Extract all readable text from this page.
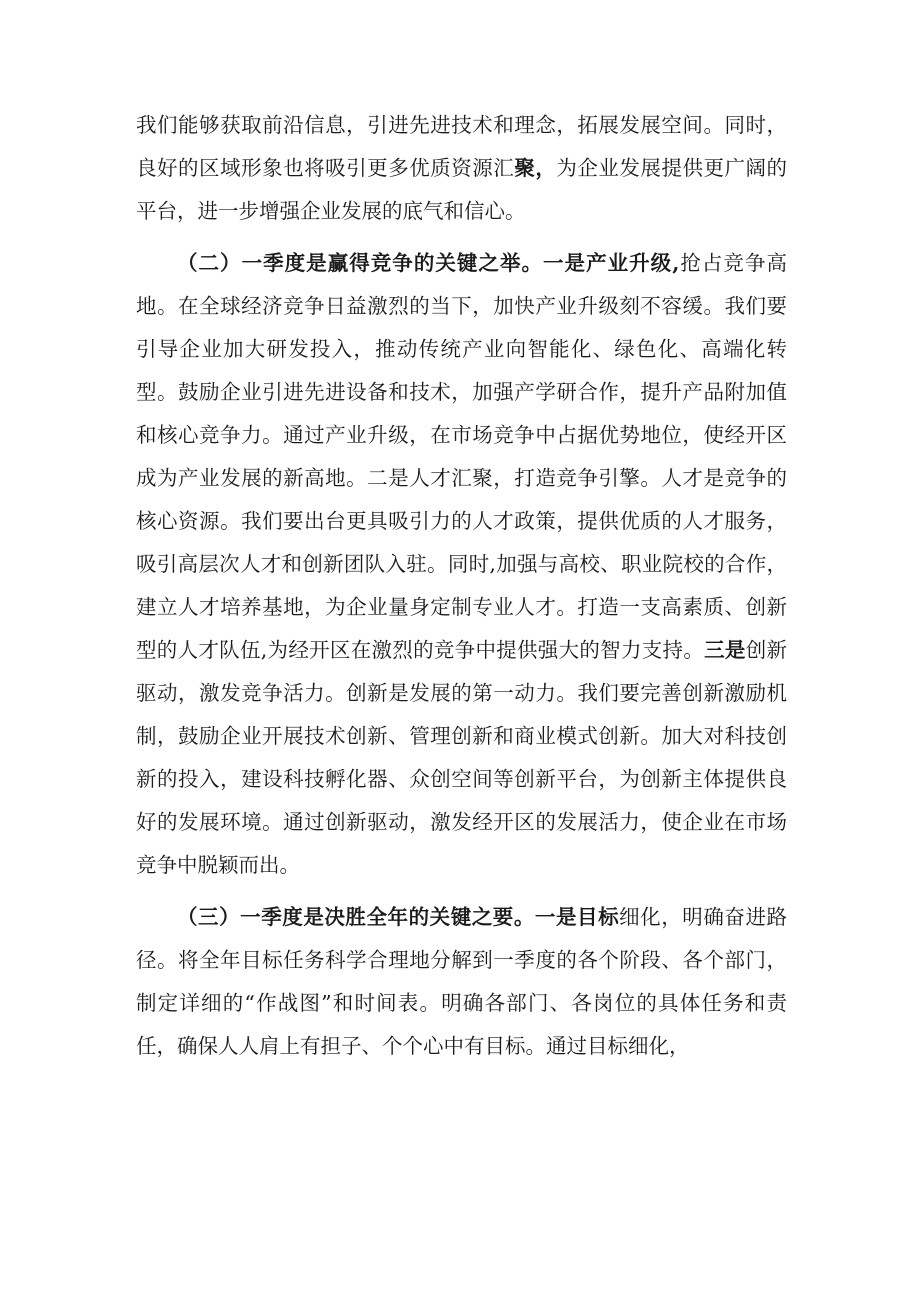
我们能够获取前沿信息，引进先进技术和理念，拓展发展空间。同时，良好的区域形象也将吸引更多优质资源汇聚，为企业发展提供更广阔的平台，进一步增强企业发展的底气和信心。

（二）一季度是赢得竞争的关键之举。一是产业升级,抢占竞争高地。在全球经济竞争日益激烈的当下，加快产业升级刻不容缓。我们要引导企业加大研发投入，推动传统产业向智能化、绿色化、高端化转型。鼓励企业引进先进设备和技术，加强产学研合作，提升产品附加值和核心竞争力。通过产业升级，在市场竞争中占据优势地位，使经开区成为产业发展的新高地。二是人才汇聚，打造竞争引擎。人才是竞争的核心资源。我们要出台更具吸引力的人才政策，提供优质的人才服务，吸引高层次人才和创新团队入驻。同时,加强与高校、职业院校的合作，建立人才培养基地，为企业量身定制专业人才。打造一支高素质、创新型的人才队伍,为经开区在激烈的竞争中提供强大的智力支持。三是创新驱动，激发竞争活力。创新是发展的第一动力。我们要完善创新激励机制，鼓励企业开展技术创新、管理创新和商业模式创新。加大对科技创新的投入，建设科技孵化器、众创空间等创新平台，为创新主体提供良好的发展环境。通过创新驱动，激发经开区的发展活力，使企业在市场竞争中脱颖而出。

（三）一季度是决胜全年的关键之要。一是目标细化，明确奋进路径。将全年目标任务科学合理地分解到一季度的各个阶段、各个部门，制定详细的“作战图”和时间表。明确各部门、各岗位的具体任务和责任，确保人人肩上有担子、个个心中有目标。通过目标细化，
